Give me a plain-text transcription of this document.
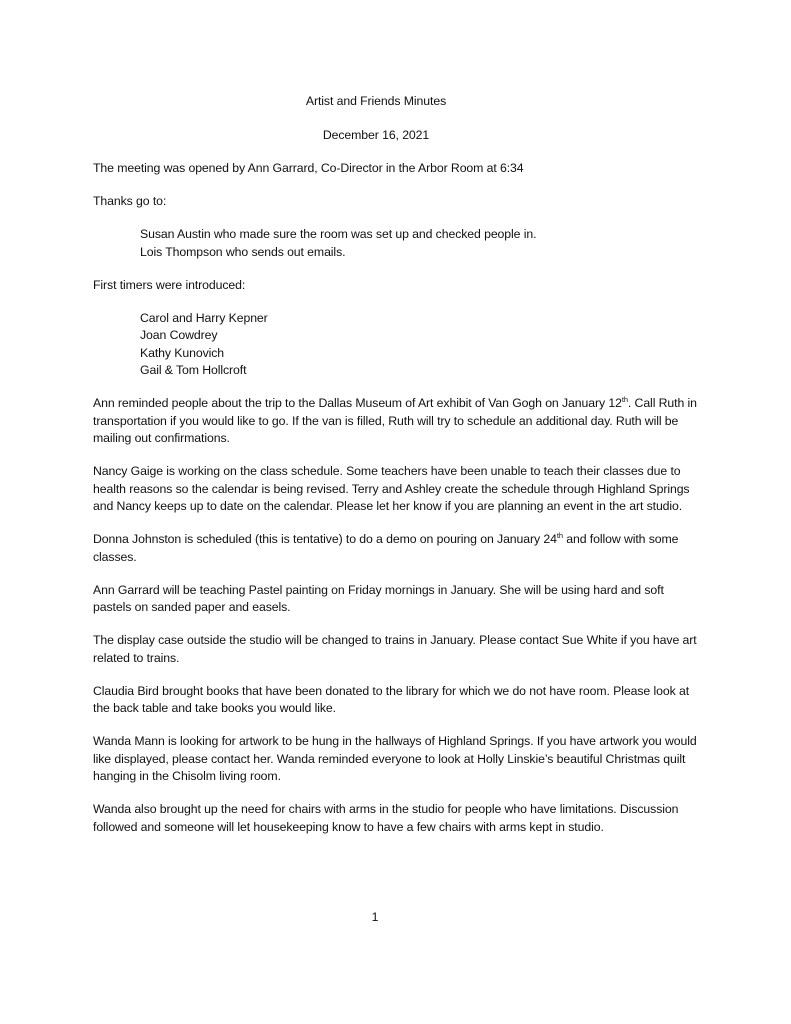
Artist and Friends Minutes
December 16, 2021

The meeting was opened by Ann Garrard, Co-Director in the Arbor Room at 6:34

Thanks go to:

Susan Austin who made sure the room was set up and checked people in.
Lois Thompson who sends out emails.

First timers were introduced:

Carol and Harry Kepner
Joan Cowdrey
Kathy Kunovich
Gail & Tom Hollcroft

Ann reminded people about the trip to the Dallas Museum of Art exhibit of Van Gogh on January 12th. Call Ruth in transportation if you would like to go. If the van is filled, Ruth will try to schedule an additional day. Ruth will be mailing out confirmations.

Nancy Gaige is working on the class schedule. Some teachers have been unable to teach their classes due to health reasons so the calendar is being revised. Terry and Ashley create the schedule through Highland Springs and Nancy keeps up to date on the calendar. Please let her know if you are planning an event in the art studio.

Donna Johnston is scheduled (this is tentative) to do a demo on pouring on January 24th and follow with some classes.

Ann Garrard will be teaching Pastel painting on Friday mornings in January. She will be using hard and soft pastels on sanded paper and easels.

The display case outside the studio will be changed to trains in January. Please contact Sue White if you have art related to trains.

Claudia Bird brought books that have been donated to the library for which we do not have room. Please look at the back table and take books you would like.

Wanda Mann is looking for artwork to be hung in the hallways of Highland Springs. If you have artwork you would like displayed, please contact her. Wanda reminded everyone to look at Holly Linskie’s beautiful Christmas quilt hanging in the Chisolm living room.

Wanda also brought up the need for chairs with arms in the studio for people who have limitations. Discussion followed and someone will let housekeeping know to have a few chairs with arms kept in studio.

1
